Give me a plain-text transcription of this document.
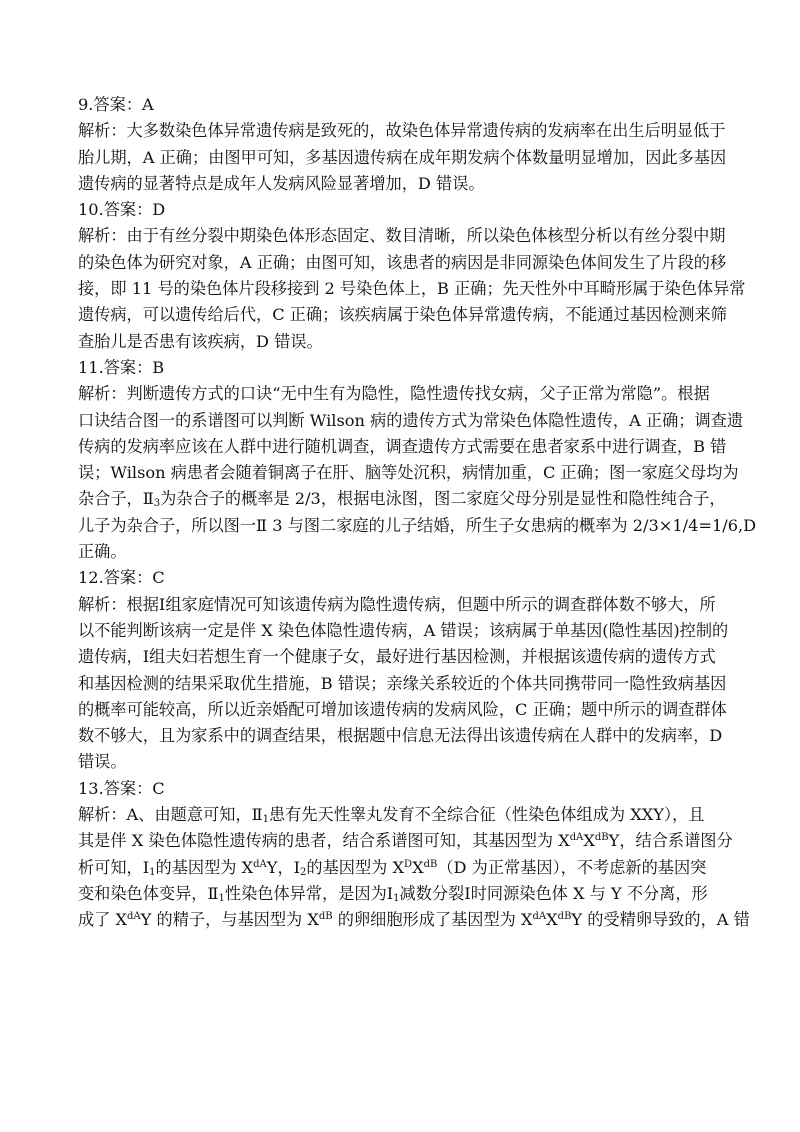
9.答案：A

解析：大多数染色体异常遗传病是致死的，故染色体异常遗传病的发病率在出生后明显低于

胎儿期，A 正确；由图甲可知，多基因遗传病在成年期发病个体数量明显增加，因此多基因

遗传病的显著特点是成年人发病风险显著增加，D 错误。

10.答案：D

解析：由于有丝分裂中期染色体形态固定、数目清晰，所以染色体核型分析以有丝分裂中期

的染色体为研究对象，A 正确；由图可知，该患者的病因是非同源染色体间发生了片段的移

接，即 11 号的染色体片段移接到 2 号染色体上，B 正确；先天性外中耳畸形属于染色体异常

遗传病，可以遗传给后代，C 正确；该疾病属于染色体异常遗传病，不能通过基因检测来筛

查胎儿是否患有该疾病，D 错误。

11.答案：B

解析：判断遗传方式的口诀“无中生有为隐性，隐性遗传找女病，父子正常为常隐”。根据

口诀结合图一的系谱图可以判断 Wilson 病的遗传方式为常染色体隐性遗传，A 正确；调查遗

传病的发病率应该在人群中进行随机调查，调查遗传方式需要在患者家系中进行调查，B 错

误；Wilson 病患者会随着铜离子在肝、脑等处沉积，病情加重，C 正确；图一家庭父母均为

杂合子，$Ⅱ_3$为杂合子的概率是 2/3，根据电泳图，图二家庭父母分别是显性和隐性纯合子，

儿子为杂合子，所以图一Ⅱ 3 与图二家庭的儿子结婚，所生子女患病的概率为 2/3×1/4=1/6,D

正确。

12.答案：C

解析：根据Ⅰ组家庭情况可知该遗传病为隐性遗传病，但题中所示的调查群体数不够大，所

以不能判断该病一定是伴 X 染色体隐性遗传病，A 错误；该病属于单基因(隐性基因)控制的

遗传病，Ⅰ组夫妇若想生育一个健康子女，最好进行基因检测，并根据该遗传病的遗传方式

和基因检测的结果采取优生措施，B 错误；亲缘关系较近的个体共同携带同一隐性致病基因

的概率可能较高，所以近亲婚配可增加该遗传病的发病风险，C 正确；题中所示的调查群体

数不够大，且为家系中的调查结果，根据题中信息无法得出该遗传病在人群中的发病率，D

错误。

13.答案：C

解析：A、由题意可知，$Ⅱ_1$患有先天性睾丸发育不全综合征（性染色体组成为 XXY），且

其是伴 X 染色体隐性遗传病的患者，结合系谱图可知，其基因型为 $X^{dA}X^{dB}Y$，结合系谱图分

析可知，$Ⅰ_1$的基因型为 $X^{dA}Y$，$Ⅰ_2$的基因型为 $X^DX^{dB}(D$ 为正常基因），不考虑新的基因突

变和染色体变异，$Ⅱ_1$性染色体异常，是因为$Ⅰ_1$减数分裂Ⅰ时同源染色体 X 与 Y 不分离，形

成了 $X^{dA}Y$ 的精子，与基因型为 $X^{dB}$ 的卵细胞形成了基因型为 $X^{dA}X^{dB}Y$ 的受精卵导致的，A 错
